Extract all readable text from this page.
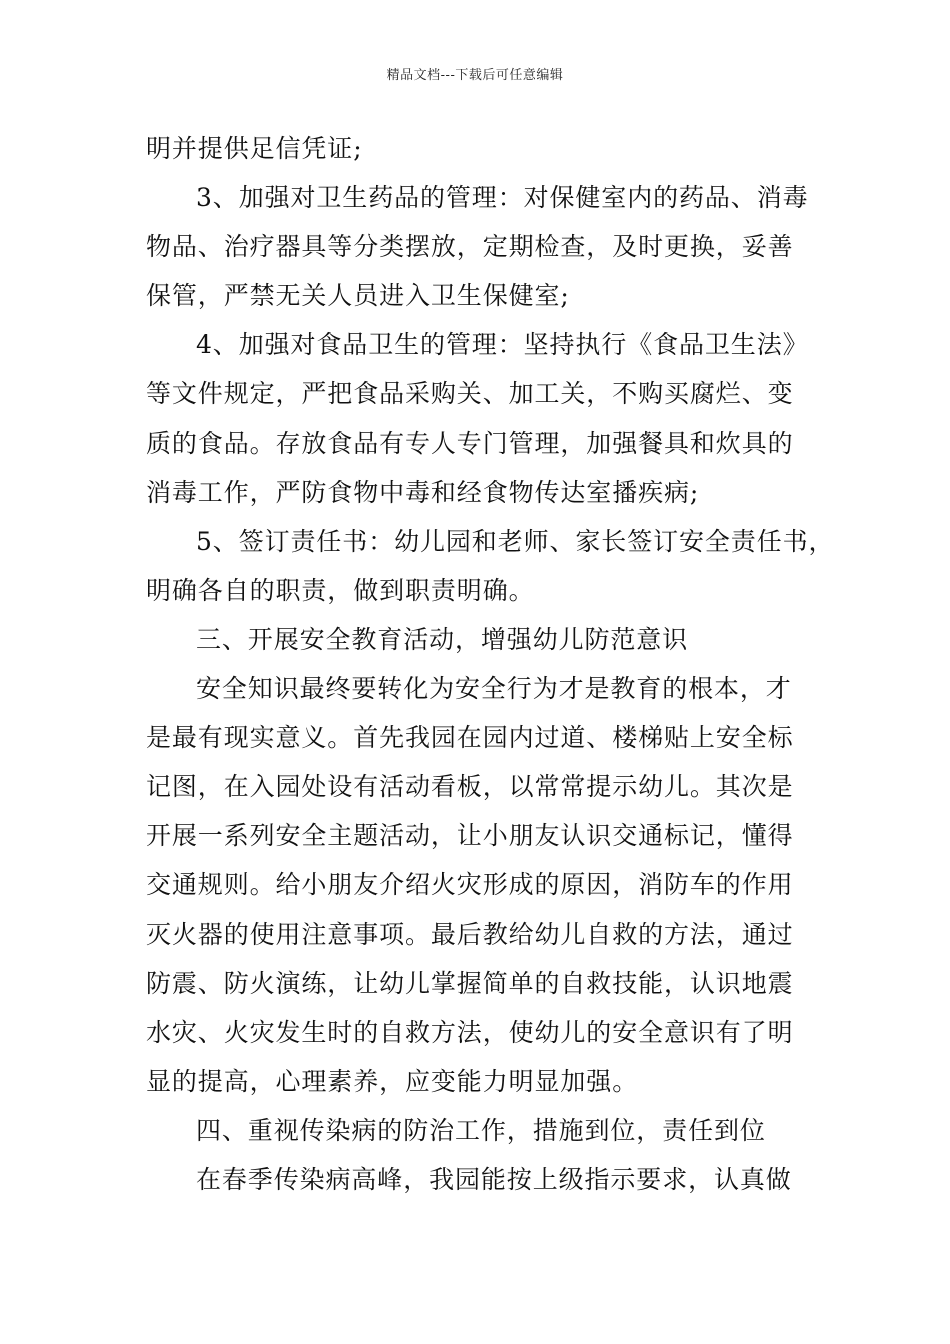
精品文档---下载后可任意编辑
明并提供足信凭证;
3、加强对卫生药品的管理：对保健室内的药品、消毒
物品、治疗器具等分类摆放，定期检查，及时更换，妥善
保管，严禁无关人员进入卫生保健室;
4、加强对食品卫生的管理：坚持执行《食品卫生法》
等文件规定，严把食品采购关、加工关，不购买腐烂、变
质的食品。存放食品有专人专门管理，加强餐具和炊具的
消毒工作，严防食物中毒和经食物传达室播疾病;
5、签订责任书：幼儿园和老师、家长签订安全责任书，
明确各自的职责，做到职责明确。
三、开展安全教育活动，增强幼儿防范意识
安全知识最终要转化为安全行为才是教育的根本，才
是最有现实意义。首先我园在园内过道、楼梯贴上安全标
记图，在入园处设有活动看板，以常常提示幼儿。其次是
开展一系列安全主题活动，让小朋友认识交通标记，懂得
交通规则。给小朋友介绍火灾形成的原因，消防车的作用
灭火器的使用注意事项。最后教给幼儿自救的方法，通过
防震、防火演练，让幼儿掌握简单的自救技能，认识地震
水灾、火灾发生时的自救方法，使幼儿的安全意识有了明
显的提高，心理素养，应变能力明显加强。
四、重视传染病的防治工作，措施到位，责任到位
在春季传染病高峰，我园能按上级指示要求，认真做
